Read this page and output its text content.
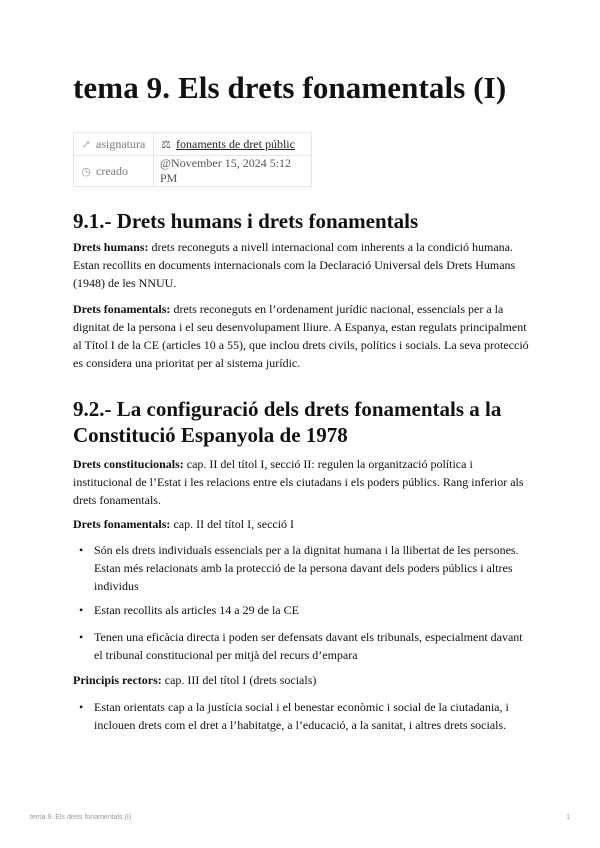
tema 9. Els drets fonamentals (I)
↗ asignatura	⚖ fonaments de dret públic
◷ creado	@November 15, 2024 5:12 PM
9.1.- Drets humans i drets fonamentals

Drets humans: drets reconeguts a nivell internacional com inherents a la condició humana. Estan recollits en documents internacionals com la Declaració Universal dels Drets Humans (1948) de les NNUU.

Drets fonamentals: drets reconeguts en l’ordenament jurídic nacional, essencials per a la dignitat de la persona i el seu desenvolupament lliure. A Espanya, estan regulats principalment al Títol I de la CE (articles 10 a 55), que inclou drets civils, polítics i socials. La seva protecció es considera una prioritat per al sistema jurídic.

9.2.- La configuració dels drets fonamentals a la Constitució Espanyola de 1978

Drets constitucionals: cap. II del títol I, secció II: regulen la organització política i institucional de l’Estat i les relacions entre els ciutadans i els poders públics. Rang inferior als drets fonamentals.

Drets fonamentals: cap. II del títol I, secció I

• Són els drets individuals essencials per a la dignitat humana i la llibertat de les persones. Estan més relacionats amb la protecció de la persona davant dels poders públics i altres individus
• Estan recollits als articles 14 a 29 de la CE
• Tenen una eficàcia directa i poden ser defensats davant els tribunals, especialment davant el tribunal constitucional per mitjà del recurs d’empara

Principis rectors: cap. III del títol I (drets socials)

• Estan orientats cap a la justícia social i el benestar econòmic i social de la ciutadania, i inclouen drets com el dret a l’habitatge, a l’educació, a la sanitat, i altres drets socials.
tema 9. Els drets fonamentals (I)	1
